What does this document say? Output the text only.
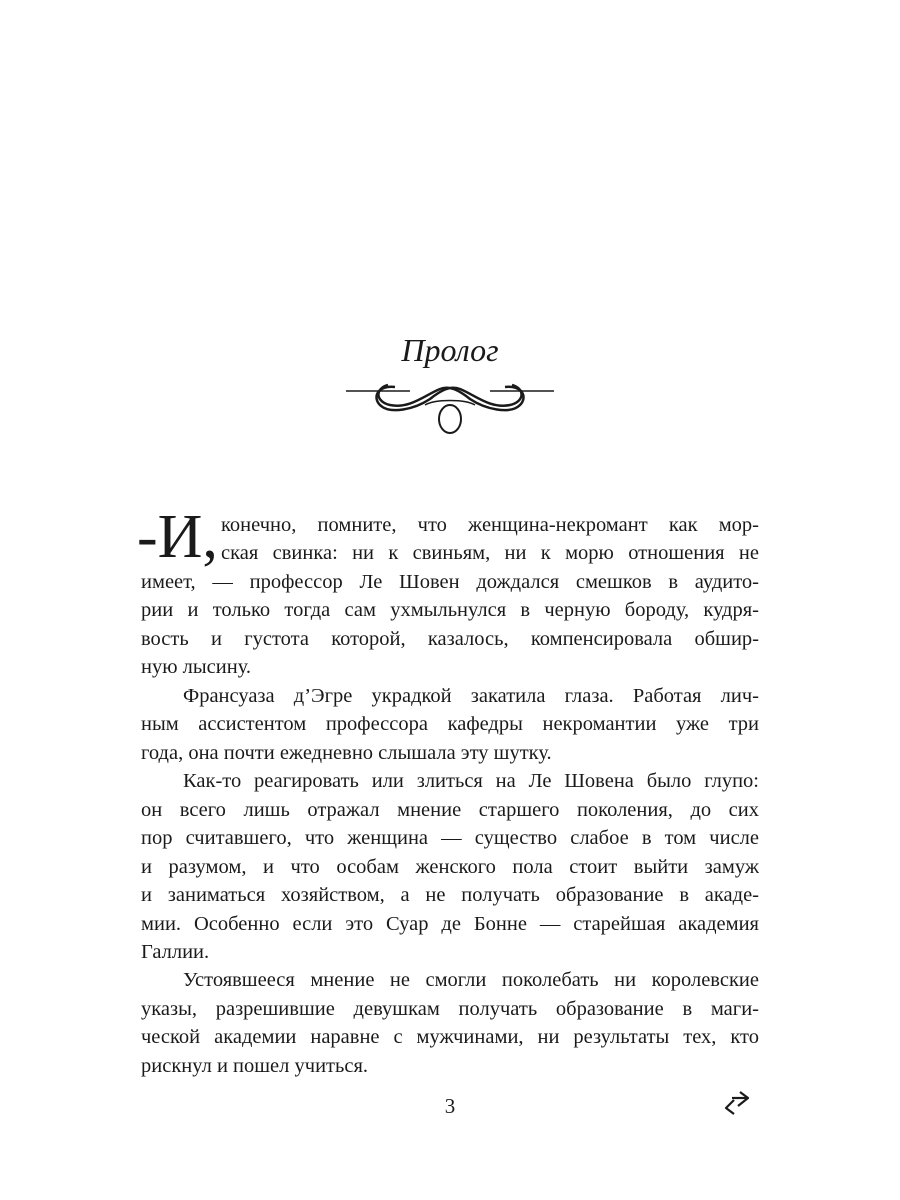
Пролог
-И, конечно, помните, что женщина-некромант как мор-
ская свинка: ни к свиньям, ни к морю отношения не
имеет, — профессор Ле Шовен дождался смешков в аудито-
рии и только тогда сам ухмыльнулся в черную бороду, кудря-
вость и густота которой, казалось, компенсировала обшир-
ную лысину.
Франсуаза д’Эгре украдкой закатила глаза. Работая лич-
ным ассистентом профессора кафедры некромантии уже три
года, она почти ежедневно слышала эту шутку.
Как-то реагировать или злиться на Ле Шовена было глупо:
он всего лишь отражал мнение старшего поколения, до сих
пор считавшего, что женщина — существо слабое в том числе
и разумом, и что особам женского пола стоит выйти замуж
и заниматься хозяйством, а не получать образование в акаде-
мии. Особенно если это Суар де Бонне — старейшая академия
Галлии.
Устоявшееся мнение не смогли поколебать ни королевские
указы, разрешившие девушкам получать образование в маги-
ческой академии наравне с мужчинами, ни результаты тех, кто
рискнул и пошел учиться.
3
